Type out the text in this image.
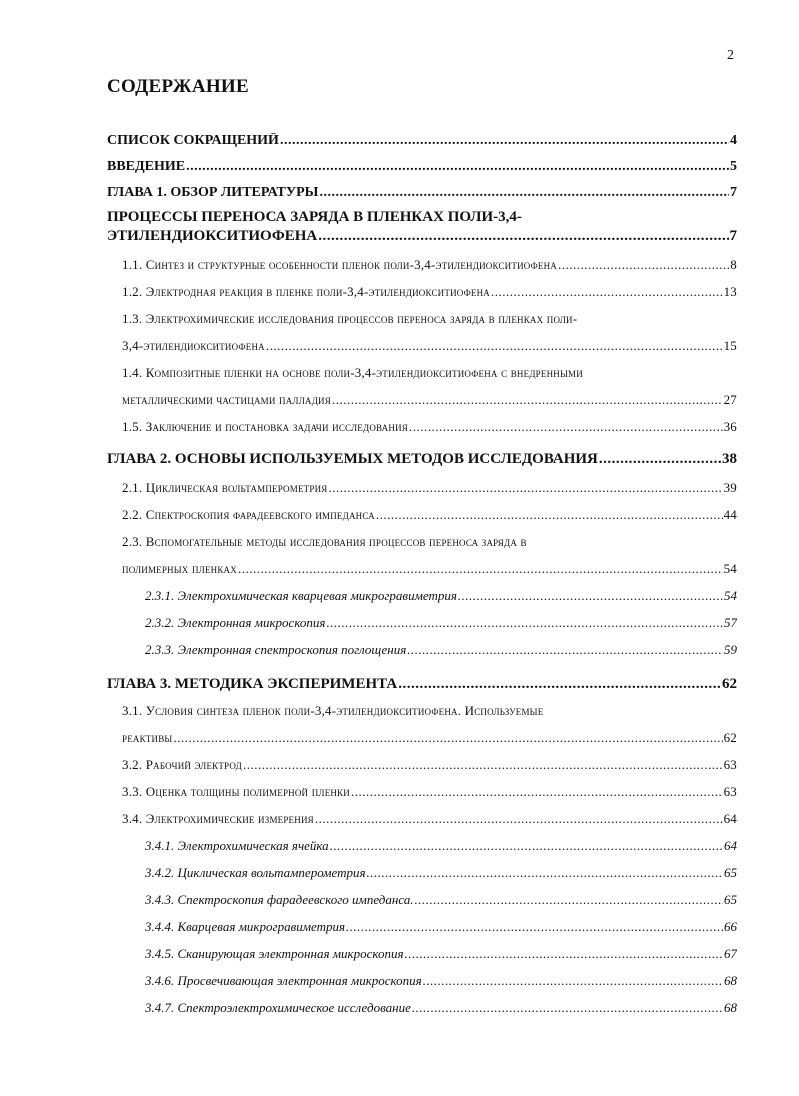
2
СОДЕРЖАНИЕ
СПИСОК СОКРАЩЕНИЙ .....	4
ВВЕДЕНИЕ .....	5
ГЛАВА 1. ОБЗОР ЛИТЕРАТУРЫ .....	7
ПРОЦЕССЫ ПЕРЕНОСА ЗАРЯДА В ПЛЕНКАХ ПОЛИ-3,4-
ЭТИЛЕНДИОКСИТИОФЕНА .....	7
1.1. Синтез и структурные особенности пленок поли-3,4-этилендиокситиофена .....	8
1.2. Электродная реакция в пленке поли-3,4-этилендиокситиофена .....	13
1.3. Электрохимические исследования процессов переноса заряда в пленках поли-
3,4-этилендиокситиофена .....	15
1.4. Композитные пленки на основе поли-3,4-этилендиокситиофена с внедренными
металлическими частицами палладия .....	27
1.5. Заключение и постановка задачи исследования .....	36
ГЛАВА 2. ОСНОВЫ ИСПОЛЬЗУЕМЫХ МЕТОДОВ ИССЛЕДОВАНИЯ .....	38
2.1. Циклическая вольтамперометрия .....	39
2.2. Спектроскопия фарадеевского импеданса .....	44
2.3. Вспомогательные методы исследования процессов переноса заряда в
полимерных пленках .....	54
2.3.1. Электрохимическая кварцевая микрогравиметрия .....	54
2.3.2. Электронная микроскопия .....	57
2.3.3. Электронная спектроскопия поглощения .....	59
ГЛАВА 3. МЕТОДИКА ЭКСПЕРИМЕНТА .....	62
3.1. Условия синтеза пленок поли-3,4-этилендиокситиофена. Используемые
реактивы .....	62
3.2. Рабочий электрод .....	63
3.3. Оценка толщины полимерной пленки .....	63
3.4. Электрохимические измерения .....	64
3.4.1. Электрохимическая ячейка .....	64
3.4.2. Циклическая вольтамперометрия .....	65
3.4.3. Спектроскопия фарадеевского импеданса. .....	65
3.4.4. Кварцевая микрогравиметрия .....	66
3.4.5. Сканирующая электронная микроскопия .....	67
3.4.6. Просвечивающая электронная микроскопия .....	68
3.4.7. Спектроэлектрохимическое исследование .....	68
